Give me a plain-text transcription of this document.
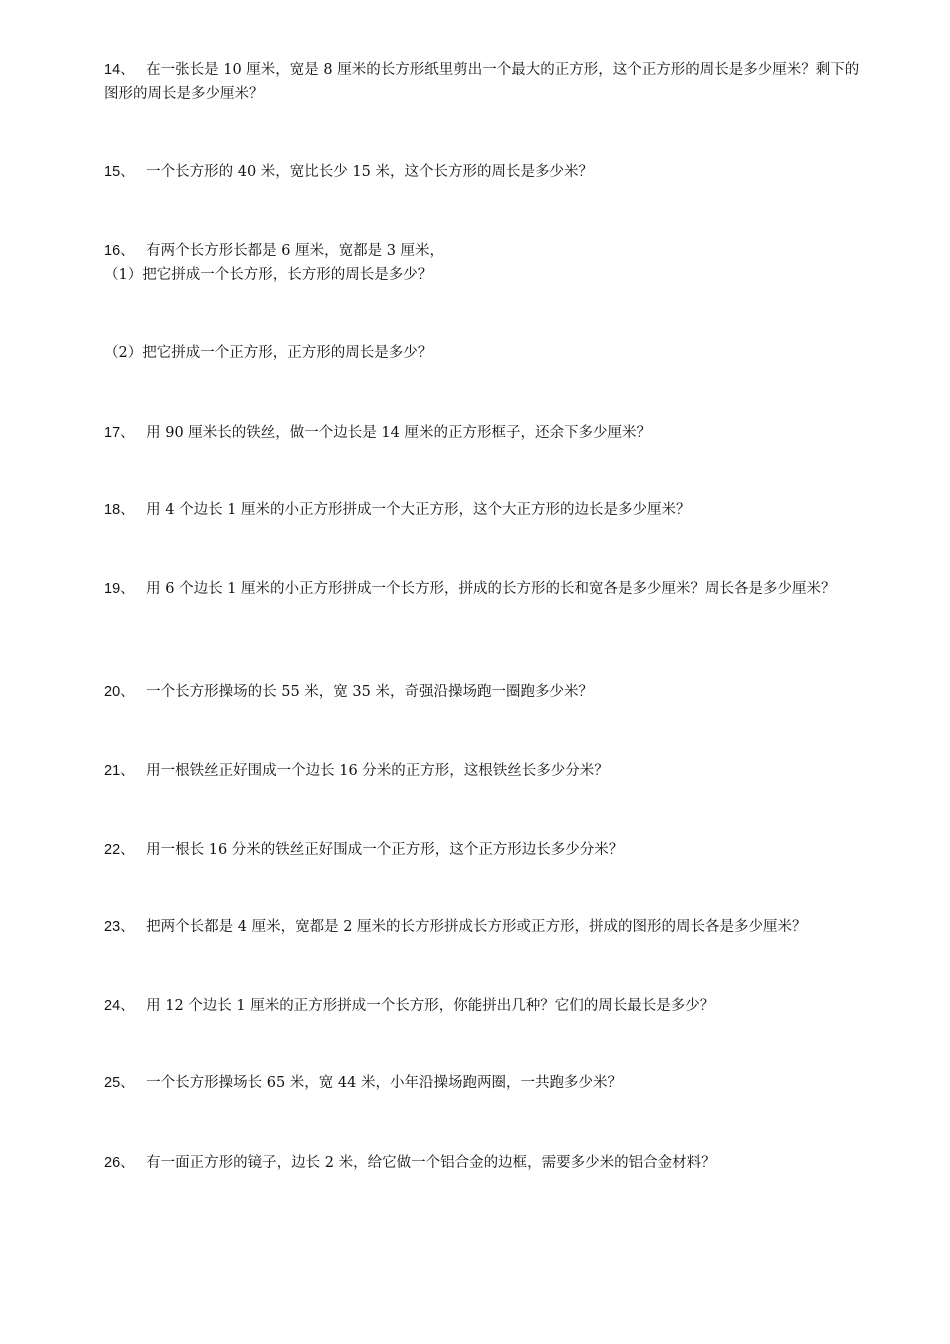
14、 在一张长是 10 厘米，宽是 8 厘米的长方形纸里剪出一个最大的正方形，这个正方形的周长是多少厘米？剩下的图形的周长是多少厘米？
15、 一个长方形的 40 米，宽比长少 15 米，这个长方形的周长是多少米？
16、 有两个长方形长都是 6 厘米，宽都是 3 厘米，
（1）把它拼成一个长方形，长方形的周长是多少？
（2）把它拼成一个正方形，正方形的周长是多少？
17、 用 90 厘米长的铁丝，做一个边长是 14 厘米的正方形框子，还余下多少厘米？
18、 用 4 个边长 1 厘米的小正方形拼成一个大正方形，这个大正方形的边长是多少厘米？
19、 用 6 个边长 1 厘米的小正方形拼成一个长方形，拼成的长方形的长和宽各是多少厘米？周长各是多少厘米？
20、 一个长方形操场的长 55 米，宽 35 米，奇强沿操场跑一圈跑多少米？
21、 用一根铁丝正好围成一个边长 16 分米的正方形，这根铁丝长多少分米？
22、 用一根长 16 分米的铁丝正好围成一个正方形，这个正方形边长多少分米？
23、 把两个长都是 4 厘米，宽都是 2 厘米的长方形拼成长方形或正方形，拼成的图形的周长各是多少厘米？
24、 用 12 个边长 1 厘米的正方形拼成一个长方形，你能拼出几种？它们的周长最长是多少？
25、 一个长方形操场长 65 米，宽 44 米，小年沿操场跑两圈，一共跑多少米？
26、 有一面正方形的镜子，边长 2 米，给它做一个铝合金的边框，需要多少米的铝合金材料？
